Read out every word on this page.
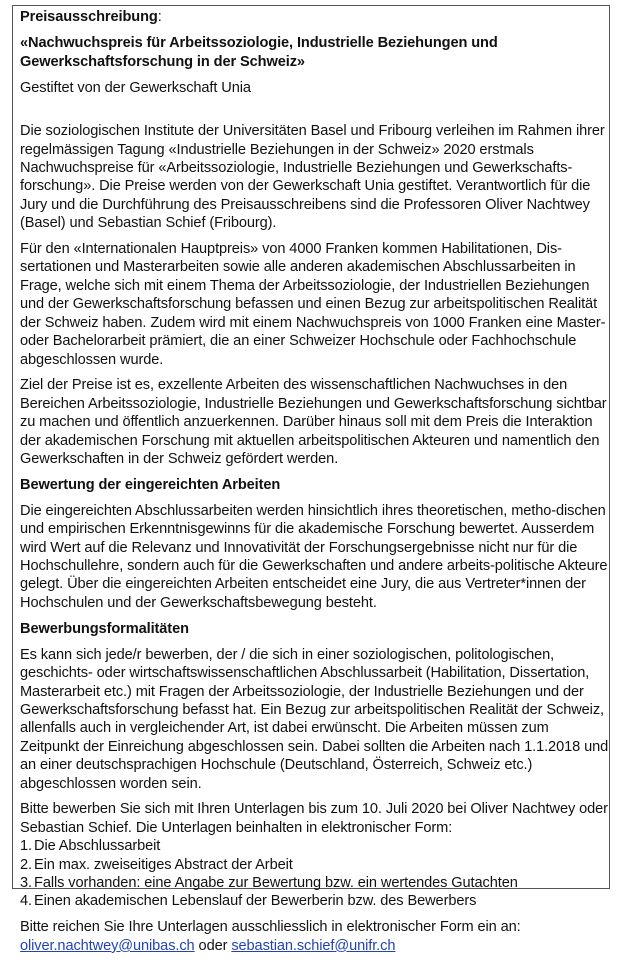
Preisausschreibung:

«Nachwuchspreis für Arbeitssoziologie, Industrielle Beziehungen und
Gewerkschaftsforschung in der Schweiz»

Gestiftet von der Gewerkschaft Unia

Die soziologischen Institute der Universitäten Basel und Fribourg verleihen im Rahmen ihrer regelmässigen Tagung «Industrielle Beziehungen in der Schweiz» 2020 erstmals Nachwuchspreise für «Arbeitssoziologie, Industrielle Beziehungen und Gewerkschafts-forschung». Die Preise werden von der Gewerkschaft Unia gestiftet. Verantwortlich für die Jury und die Durchführung des Preisausschreibens sind die Professoren Oliver Nachtwey (Basel) und Sebastian Schief (Fribourg).

Für den «Internationalen Hauptpreis» von 4000 Franken kommen Habilitationen, Dis-sertationen und Masterarbeiten sowie alle anderen akademischen Abschlussarbeiten in Frage, welche sich mit einem Thema der Arbeitssoziologie, der Industriellen Beziehungen und der Gewerkschaftsforschung befassen und einen Bezug zur arbeitspolitischen Realität der Schweiz haben. Zudem wird mit einem Nachwuchspreis von 1000 Franken eine Master- oder Bachelorarbeit prämiert, die an einer Schweizer Hochschule oder Fachhochschule abgeschlossen wurde.

Ziel der Preise ist es, exzellente Arbeiten des wissenschaftlichen Nachwuchses in den Bereichen Arbeitssoziologie, Industrielle Beziehungen und Gewerkschaftsforschung sichtbar zu machen und öffentlich anzuerkennen. Darüber hinaus soll mit dem Preis die Interaktion der akademischen Forschung mit aktuellen arbeitspolitischen Akteuren und namentlich den Gewerkschaften in der Schweiz gefördert werden.

Bewertung der eingereichten Arbeiten

Die eingereichten Abschlussarbeiten werden hinsichtlich ihres theoretischen, metho-dischen und empirischen Erkenntnisgewinns für die akademische Forschung bewertet. Ausserdem wird Wert auf die Relevanz und Innovativität der Forschungsergebnisse nicht nur für die Hochschullehre, sondern auch für die Gewerkschaften und andere arbeits-politische Akteure gelegt. Über die eingereichten Arbeiten entscheidet eine Jury, die aus Vertreter*innen der Hochschulen und der Gewerkschaftsbewegung besteht.

Bewerbungsformalitäten

Es kann sich jede/r bewerben, der / die sich in einer soziologischen, politologischen, geschichts- oder wirtschaftswissenschaftlichen Abschlussarbeit (Habilitation, Dissertation, Masterarbeit etc.) mit Fragen der Arbeitssoziologie, der Industrielle Beziehungen und der Gewerkschaftsforschung befasst hat. Ein Bezug zur arbeitspolitischen Realität der Schweiz, allenfalls auch in vergleichender Art, ist dabei erwünscht. Die Arbeiten müssen zum Zeitpunkt der Einreichung abgeschlossen sein. Dabei sollten die Arbeiten nach 1.1.2018 und an einer deutschsprachigen Hochschule (Deutschland, Österreich, Schweiz etc.) abgeschlossen worden sein.

Bitte bewerben Sie sich mit Ihren Unterlagen bis zum 10. Juli 2020 bei Oliver Nachtwey oder Sebastian Schief. Die Unterlagen beinhalten in elektronischer Form:

1. Die Abschlussarbeit
2. Ein max. zweiseitiges Abstract der Arbeit
3. Falls vorhanden: eine Angabe zur Bewertung bzw. ein wertendes Gutachten
4. Einen akademischen Lebenslauf der Bewerberin bzw. des Bewerbers

Bitte reichen Sie Ihre Unterlagen ausschliesslich in elektronischer Form ein an:
oliver.nachtwey@unibas.ch oder sebastian.schief@unifr.ch
